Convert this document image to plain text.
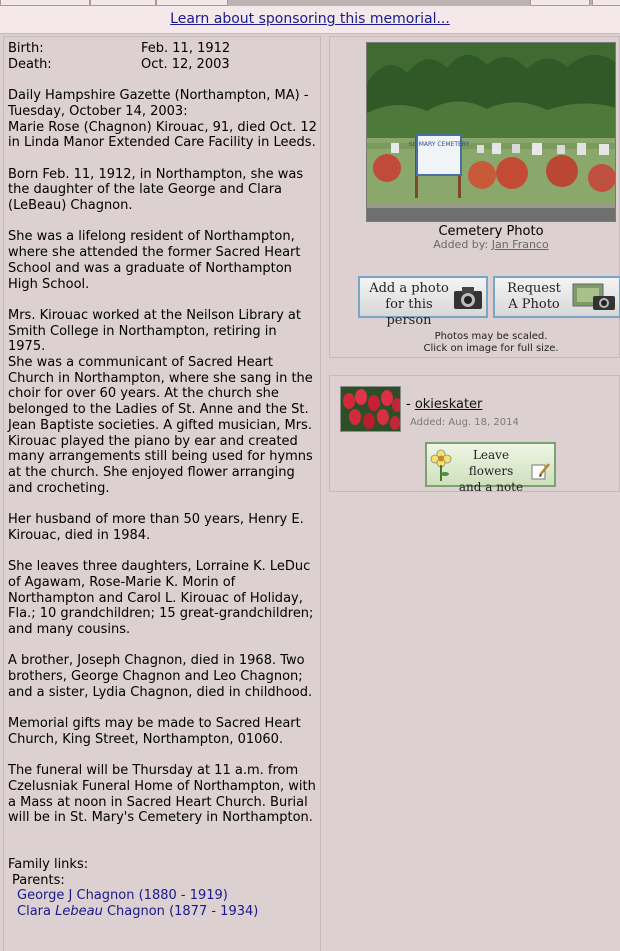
Learn about sponsoring this memorial...
Birth:	Feb. 11, 1912
Death:	Oct. 12, 2003

Daily Hampshire Gazette (Northampton, MA) - Tuesday, October 14, 2003:
Marie Rose (Chagnon) Kirouac, 91, died Oct. 12 in Linda Manor Extended Care Facility in Leeds.

Born Feb. 11, 1912, in Northampton, she was the daughter of the late George and Clara (LeBeau) Chagnon.

She was a lifelong resident of Northampton, where she attended the former Sacred Heart School and was a graduate of Northampton High School.

Mrs. Kirouac worked at the Neilson Library at Smith College in Northampton, retiring in 1975.
She was a communicant of Sacred Heart Church in Northampton, where she sang in the choir for over 60 years. At the church she belonged to the Ladies of St. Anne and the St. Jean Baptiste societies. A gifted musician, Mrs. Kirouac played the piano by ear and created many arrangements still being used for hymns at the church. She enjoyed flower arranging and crocheting.

Her husband of more than 50 years, Henry E. Kirouac, died in 1984.

She leaves three daughters, Lorraine K. LeDuc of Agawam, Rose-Marie K. Morin of Northampton and Carol L. Kirouac of Holiday, Fla.; 10 grandchildren; 15 great-grandchildren; and many cousins.

A brother, Joseph Chagnon, died in 1968. Two brothers, George Chagnon and Leo Chagnon; and a sister, Lydia Chagnon, died in childhood.

Memorial gifts may be made to Sacred Heart Church, King Street, Northampton, 01060.

The funeral will be Thursday at 11 a.m. from Czelusniak Funeral Home of Northampton, with a Mass at noon in Sacred Heart Church. Burial will be in St. Mary's Cemetery in Northampton.

Family links:
Parents:
George J Chagnon (1880 - 1919)
Clara Lebeau Chagnon (1877 - 1934)
St. MARY CEMETERY
Cemetery Photo
Added by: Jan Franco
Add a photo
for this person
Request
A Photo
Photos may be scaled.
Click on image for full size.
- okieskater
Added: Aug. 18, 2014
Leave flowers
and a note
